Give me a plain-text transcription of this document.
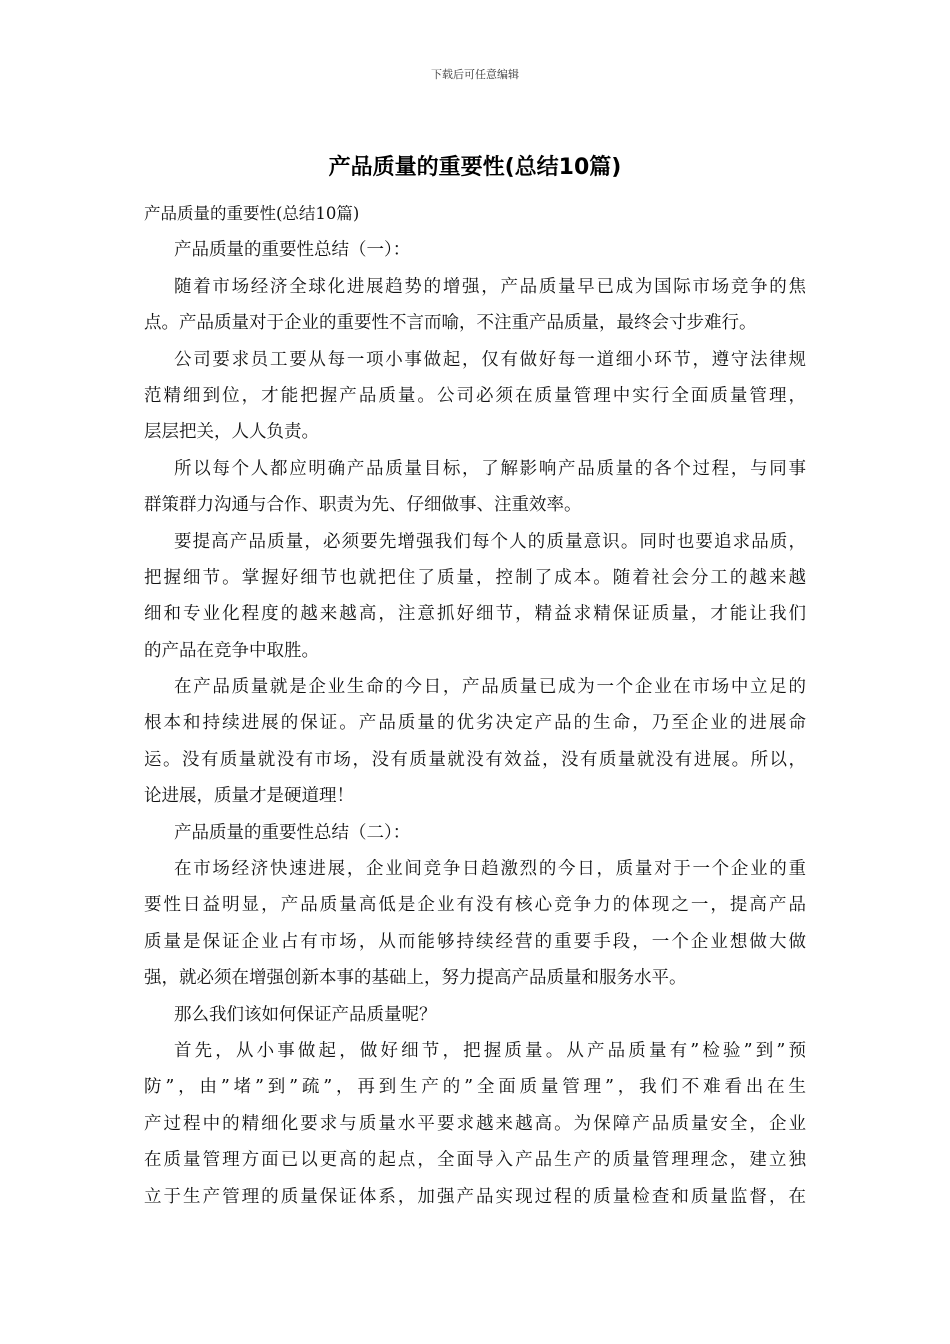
下载后可任意编辑
产品质量的重要性(总结10篇)
产品质量的重要性(总结10篇)
产品质量的重要性总结（一）：
随着市场经济全球化进展趋势的增强，产品质量早已成为国际市场竞争的焦
点。产品质量对于企业的重要性不言而喻，不注重产品质量，最终会寸步难行。
公司要求员工要从每一项小事做起，仅有做好每一道细小环节，遵守法律规
范精细到位，才能把握产品质量。公司必须在质量管理中实行全面质量管理，
层层把关，人人负责。
所以每个人都应明确产品质量目标，了解影响产品质量的各个过程，与同事
群策群力沟通与合作、职责为先、仔细做事、注重效率。
要提高产品质量，必须要先增强我们每个人的质量意识。同时也要追求品质，
把握细节。掌握好细节也就把住了质量，控制了成本。随着社会分工的越来越
细和专业化程度的越来越高，注意抓好细节，精益求精保证质量，才能让我们
的产品在竞争中取胜。
在产品质量就是企业生命的今日，产品质量已成为一个企业在市场中立足的
根本和持续进展的保证。产品质量的优劣决定产品的生命，乃至企业的进展命
运。没有质量就没有市场，没有质量就没有效益，没有质量就没有进展。所以，
论进展，质量才是硬道理！
产品质量的重要性总结（二）：
在市场经济快速进展，企业间竞争日趋激烈的今日，质量对于一个企业的重
要性日益明显，产品质量高低是企业有没有核心竞争力的体现之一，提高产品
质量是保证企业占有市场，从而能够持续经营的重要手段，一个企业想做大做
强，就必须在增强创新本事的基础上，努力提高产品质量和服务水平。
那么我们该如何保证产品质量呢？
首先，从小事做起，做好细节，把握质量。从产品质量有”检验”到”预
防”，由”堵”到”疏”，再到生产的”全面质量管理”，我们不难看出在生
产过程中的精细化要求与质量水平要求越来越高。为保障产品质量安全，企业
在质量管理方面已以更高的起点，全面导入产品生产的质量管理理念，建立独
立于生产管理的质量保证体系，加强产品实现过程的质量检查和质量监督，在
